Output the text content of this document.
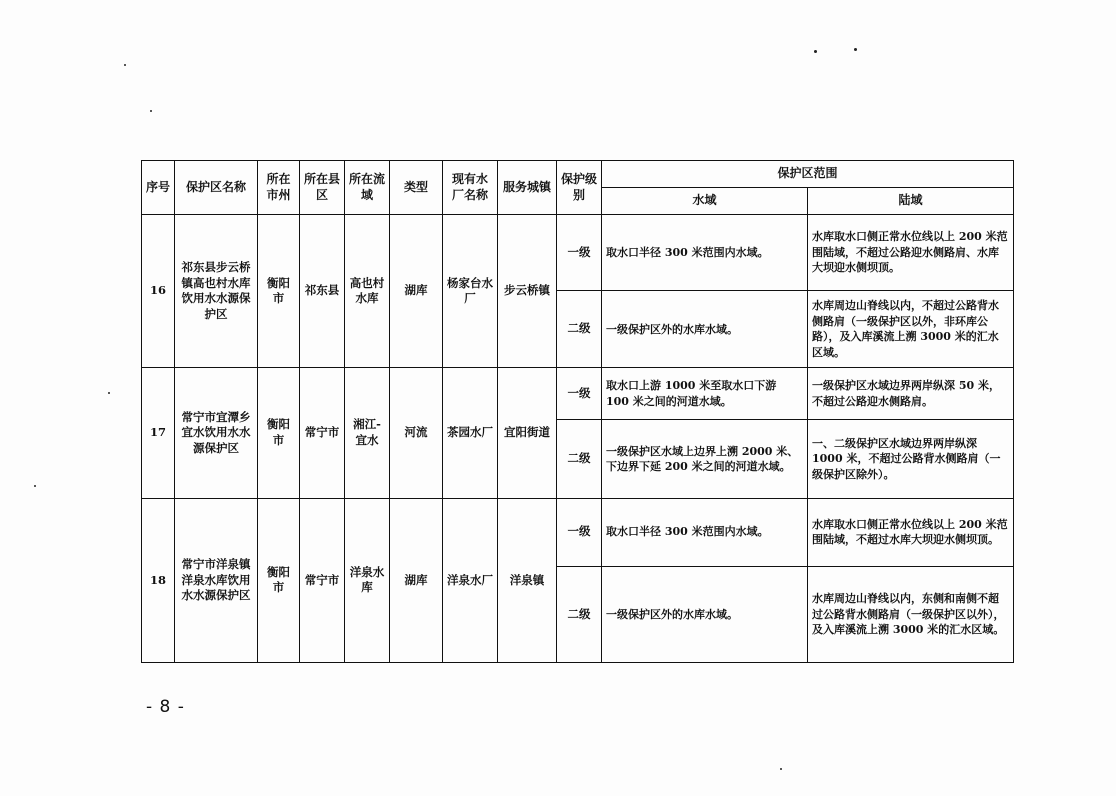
序号	保护区名称	所在市州	所在县区	所在流域	类型	现有水厂名称	服务城镇	保护级别	保护区范围	
									水域	陆域
16	祁东县步云桥镇高也村水库饮用水水源保护区	衡阳市	祁东县	高也村水库	湖库	杨家台水厂	步云桥镇	一级	取水口半径 300 米范围内水域。	水库取水口侧正常水位线以上 200 米范围陆域，不超过公路迎水侧路肩、水库大坝迎水侧坝顶。
								二级	一级保护区外的水库水域。	水库周边山脊线以内，不超过公路背水侧路肩（一级保护区以外，非环库公路），及入库溪流上溯 3000 米的汇水区域。
17	常宁市宜潭乡宜水饮用水水源保护区	衡阳市	常宁市	湘江-宜水	河流	茶园水厂	宜阳街道	一级	取水口上游 1000 米至取水口下游 100 米之间的河道水域。	一级保护区水域边界两岸纵深 50 米，不超过公路迎水侧路肩。
								二级	一级保护区水域上边界上溯 2000 米、下边界下延 200 米之间的河道水域。	一、二级保护区水域边界两岸纵深 1000 米，不超过公路背水侧路肩（一级保护区除外）。
18	常宁市洋泉镇洋泉水库饮用水水源保护区	衡阳市	常宁市	洋泉水库	湖库	洋泉水厂	洋泉镇	一级	取水口半径 300 米范围内水域。	水库取水口侧正常水位线以上 200 米范围陆域，不超过水库大坝迎水侧坝顶。
								二级	一级保护区外的水库水域。	水库周边山脊线以内，东侧和南侧不超过公路背水侧路肩（一级保护区以外），及入库溪流上溯 3000 米的汇水区域。
- 8 -
